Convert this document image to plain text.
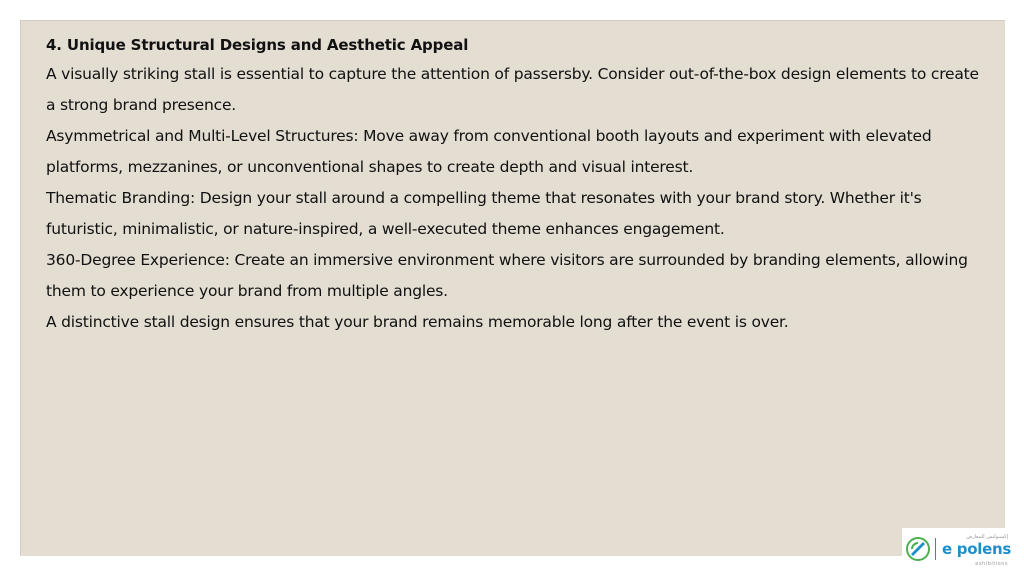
4. Unique Structural Designs and Aesthetic Appeal

A visually striking stall is essential to capture the attention of passersby. Consider out-of-the-box design elements to create a strong brand presence.

Asymmetrical and Multi-Level Structures: Move away from conventional booth layouts and experiment with elevated platforms, mezzanines, or unconventional shapes to create depth and visual interest.

Thematic Branding: Design your stall around a compelling theme that resonates with your brand story. Whether it's futuristic, minimalistic, or nature-inspired, a well-executed theme enhances engagement.

360-Degree Experience: Create an immersive environment where visitors are surrounded by branding elements, allowing them to experience your brand from multiple angles.

A distinctive stall design ensures that your brand remains memorable long after the event is over.

إكسبولنس للمعارض
e polens
exhibitions
